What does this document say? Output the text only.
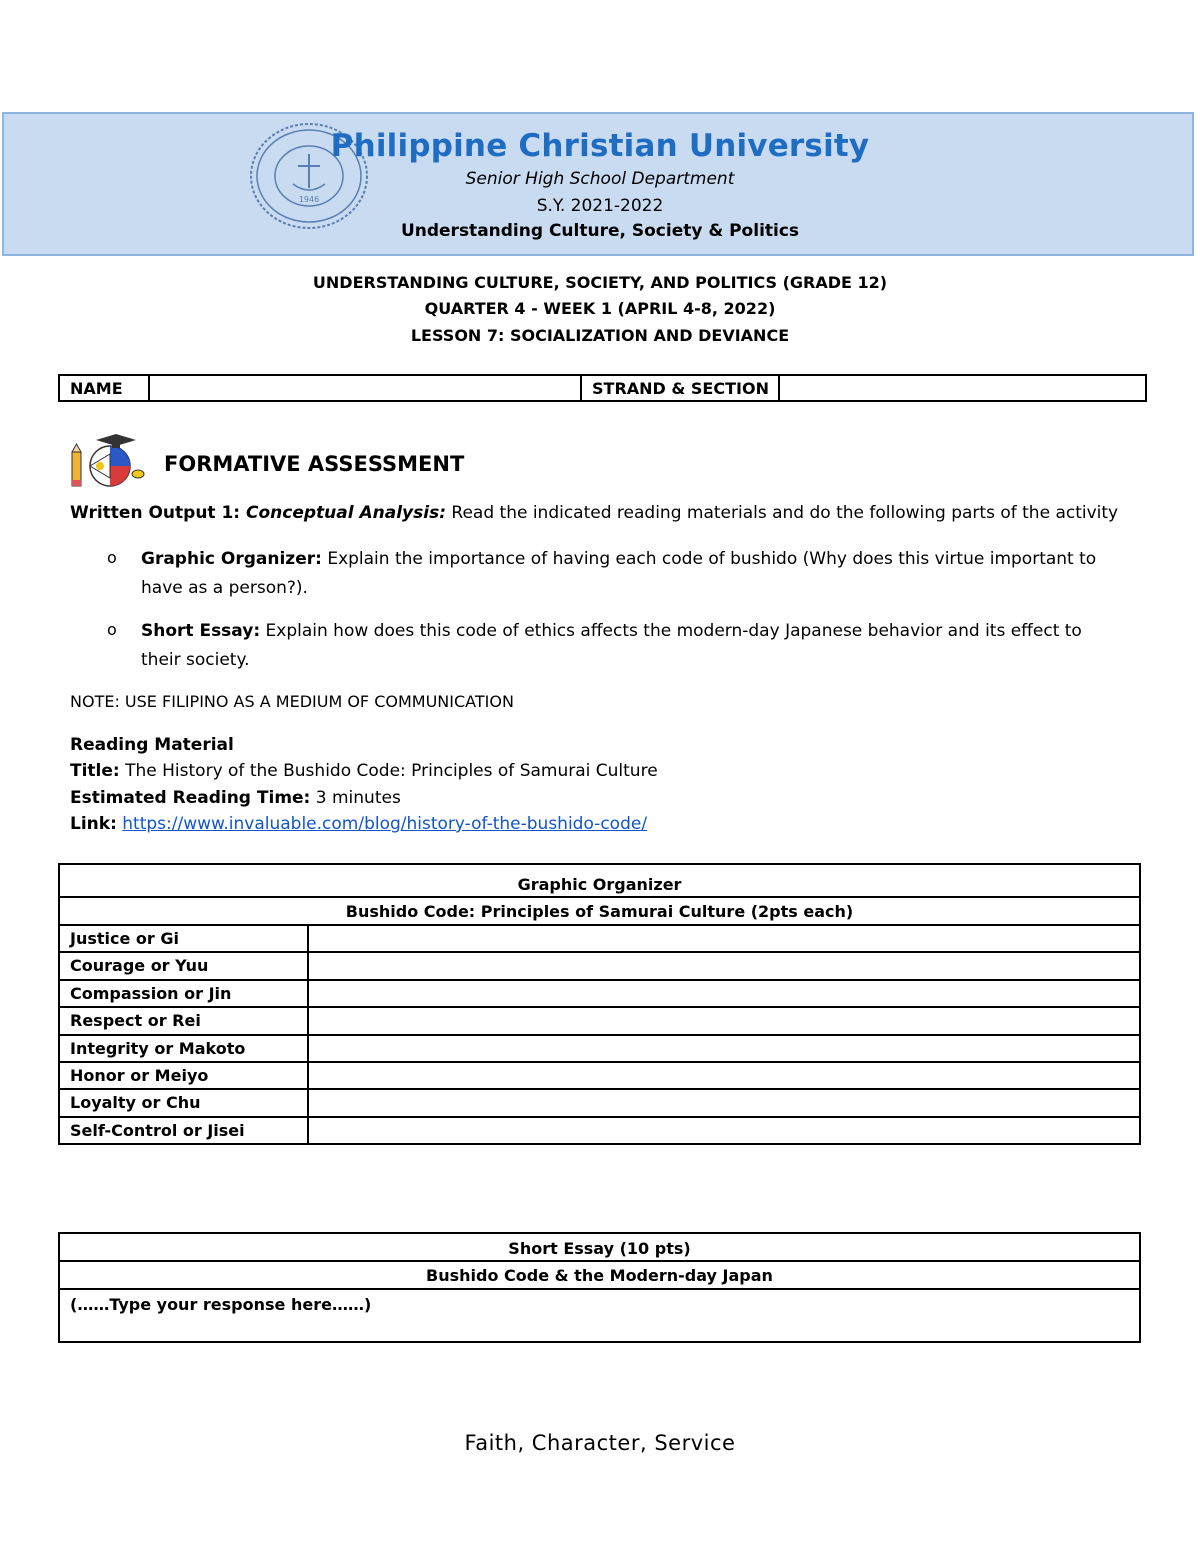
1946
Philippine Christian University
Senior High School Department
S.Y. 2021-2022
Understanding Culture, Society & Politics
UNDERSTANDING CULTURE, SOCIETY, AND POLITICS (GRADE 12)
QUARTER 4 - WEEK 1 (APRIL 4-8, 2022)
LESSON 7: SOCIALIZATION AND DEVIANCE
NAME	STRAND & SECTION
FORMATIVE ASSESSMENT
Written Output 1: Conceptual Analysis: Read the indicated reading materials and do the following parts of the activity
o Graphic Organizer: Explain the importance of having each code of bushido (Why does this virtue important to have as a person?).
o Short Essay: Explain how does this code of ethics affects the modern-day Japanese behavior and its effect to their society.
NOTE: USE FILIPINO AS A MEDIUM OF COMMUNICATION
Reading Material
Title: The History of the Bushido Code: Principles of Samurai Culture
Estimated Reading Time: 3 minutes
Link: https://www.invaluable.com/blog/history-of-the-bushido-code/
Graphic Organizer
Bushido Code: Principles of Samurai Culture (2pts each)
Justice or Gi
Courage or Yuu
Compassion or Jin
Respect or Rei
Integrity or Makoto
Honor or Meiyo
Loyalty or Chu
Self-Control or Jisei
Short Essay (10 pts)
Bushido Code & the Modern-day Japan
(……Type your response here……)
Faith, Character, Service
